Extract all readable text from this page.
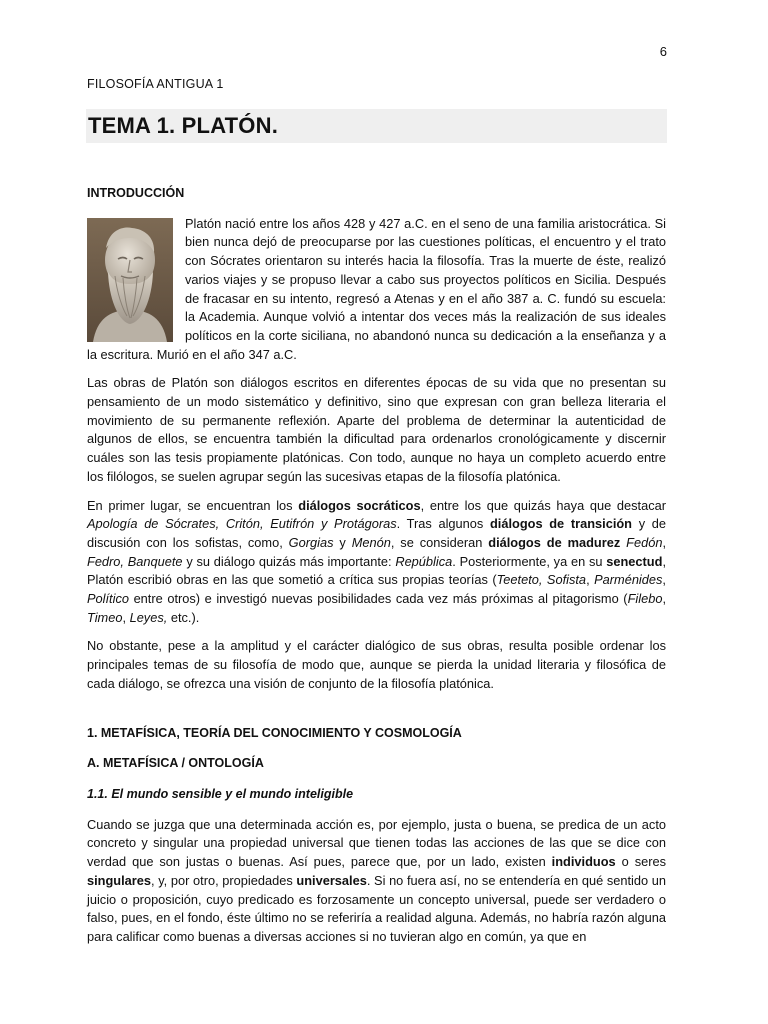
6
FILOSOFÍA ANTIGUA 1
TEMA 1. PLATÓN.

INTRODUCCIÓN

Platón nació entre los años 428 y 427 a.C. en el seno de una familia aristocrática. Si bien nunca dejó de preocuparse por las cuestiones políticas, el encuentro y el trato con Sócrates orientaron su interés hacia la filosofía. Tras la muerte de éste, realizó varios viajes y se propuso llevar a cabo sus proyectos políticos en Sicilia. Después de fracasar en su intento, regresó a Atenas y en el año 387 a. C. fundó su escuela: la Academia. Aunque volvió a intentar dos veces más la realización de sus ideales políticos en la corte siciliana, no abandonó nunca su dedicación a la enseñanza y a la escritura. Murió en el año 347 a.C.

Las obras de Platón son diálogos escritos en diferentes épocas de su vida que no presentan su pensamiento de un modo sistemático y definitivo, sino que expresan con gran belleza literaria el movimiento de su permanente reflexión. Aparte del problema de determinar la autenticidad de algunos de ellos, se encuentra también la dificultad para ordenarlos cronológicamente y discernir cuáles son las tesis propiamente platónicas. Con todo, aunque no haya un completo acuerdo entre los filólogos, se suelen agrupar según las sucesivas etapas de la filosofía platónica.

En primer lugar, se encuentran los diálogos socráticos, entre los que quizás haya que destacar Apología de Sócrates, Critón, Eutifrón y Protágoras. Tras algunos diálogos de transición y de discusión con los sofistas, como, Gorgias y Menón, se consideran diálogos de madurez Fedón, Fedro, Banquete y su diálogo quizás más importante: República. Posteriormente, ya en su senectud, Platón escribió obras en las que sometió a crítica sus propias teorías (Teeteto, Sofista, Parménides, Político entre otros) e investigó nuevas posibilidades cada vez más próximas al pitagorismo (Filebo, Timeo, Leyes, etc.).

No obstante, pese a la amplitud y el carácter dialógico de sus obras, resulta posible ordenar los principales temas de su filosofía de modo que, aunque se pierda la unidad literaria y filosófica de cada diálogo, se ofrezca una visión de conjunto de la filosofía platónica.

1. METAFÍSICA, TEORÍA DEL CONOCIMIENTO Y COSMOLOGÍA

A. METAFÍSICA / ONTOLOGÍA

1.1. El mundo sensible y el mundo inteligible

Cuando se juzga que una determinada acción es, por ejemplo, justa o buena, se predica de un acto concreto y singular una propiedad universal que tienen todas las acciones de las que se dice con verdad que son justas o buenas. Así pues, parece que, por un lado, existen individuos o seres singulares, y, por otro, propiedades universales. Si no fuera así, no se entendería en qué sentido un juicio o proposición, cuyo predicado es forzosamente un concepto universal, puede ser verdadero o falso, pues, en el fondo, éste último no se referiría a realidad alguna. Además, no habría razón alguna para calificar como buenas a diversas acciones si no tuvieran algo en común, ya que en
